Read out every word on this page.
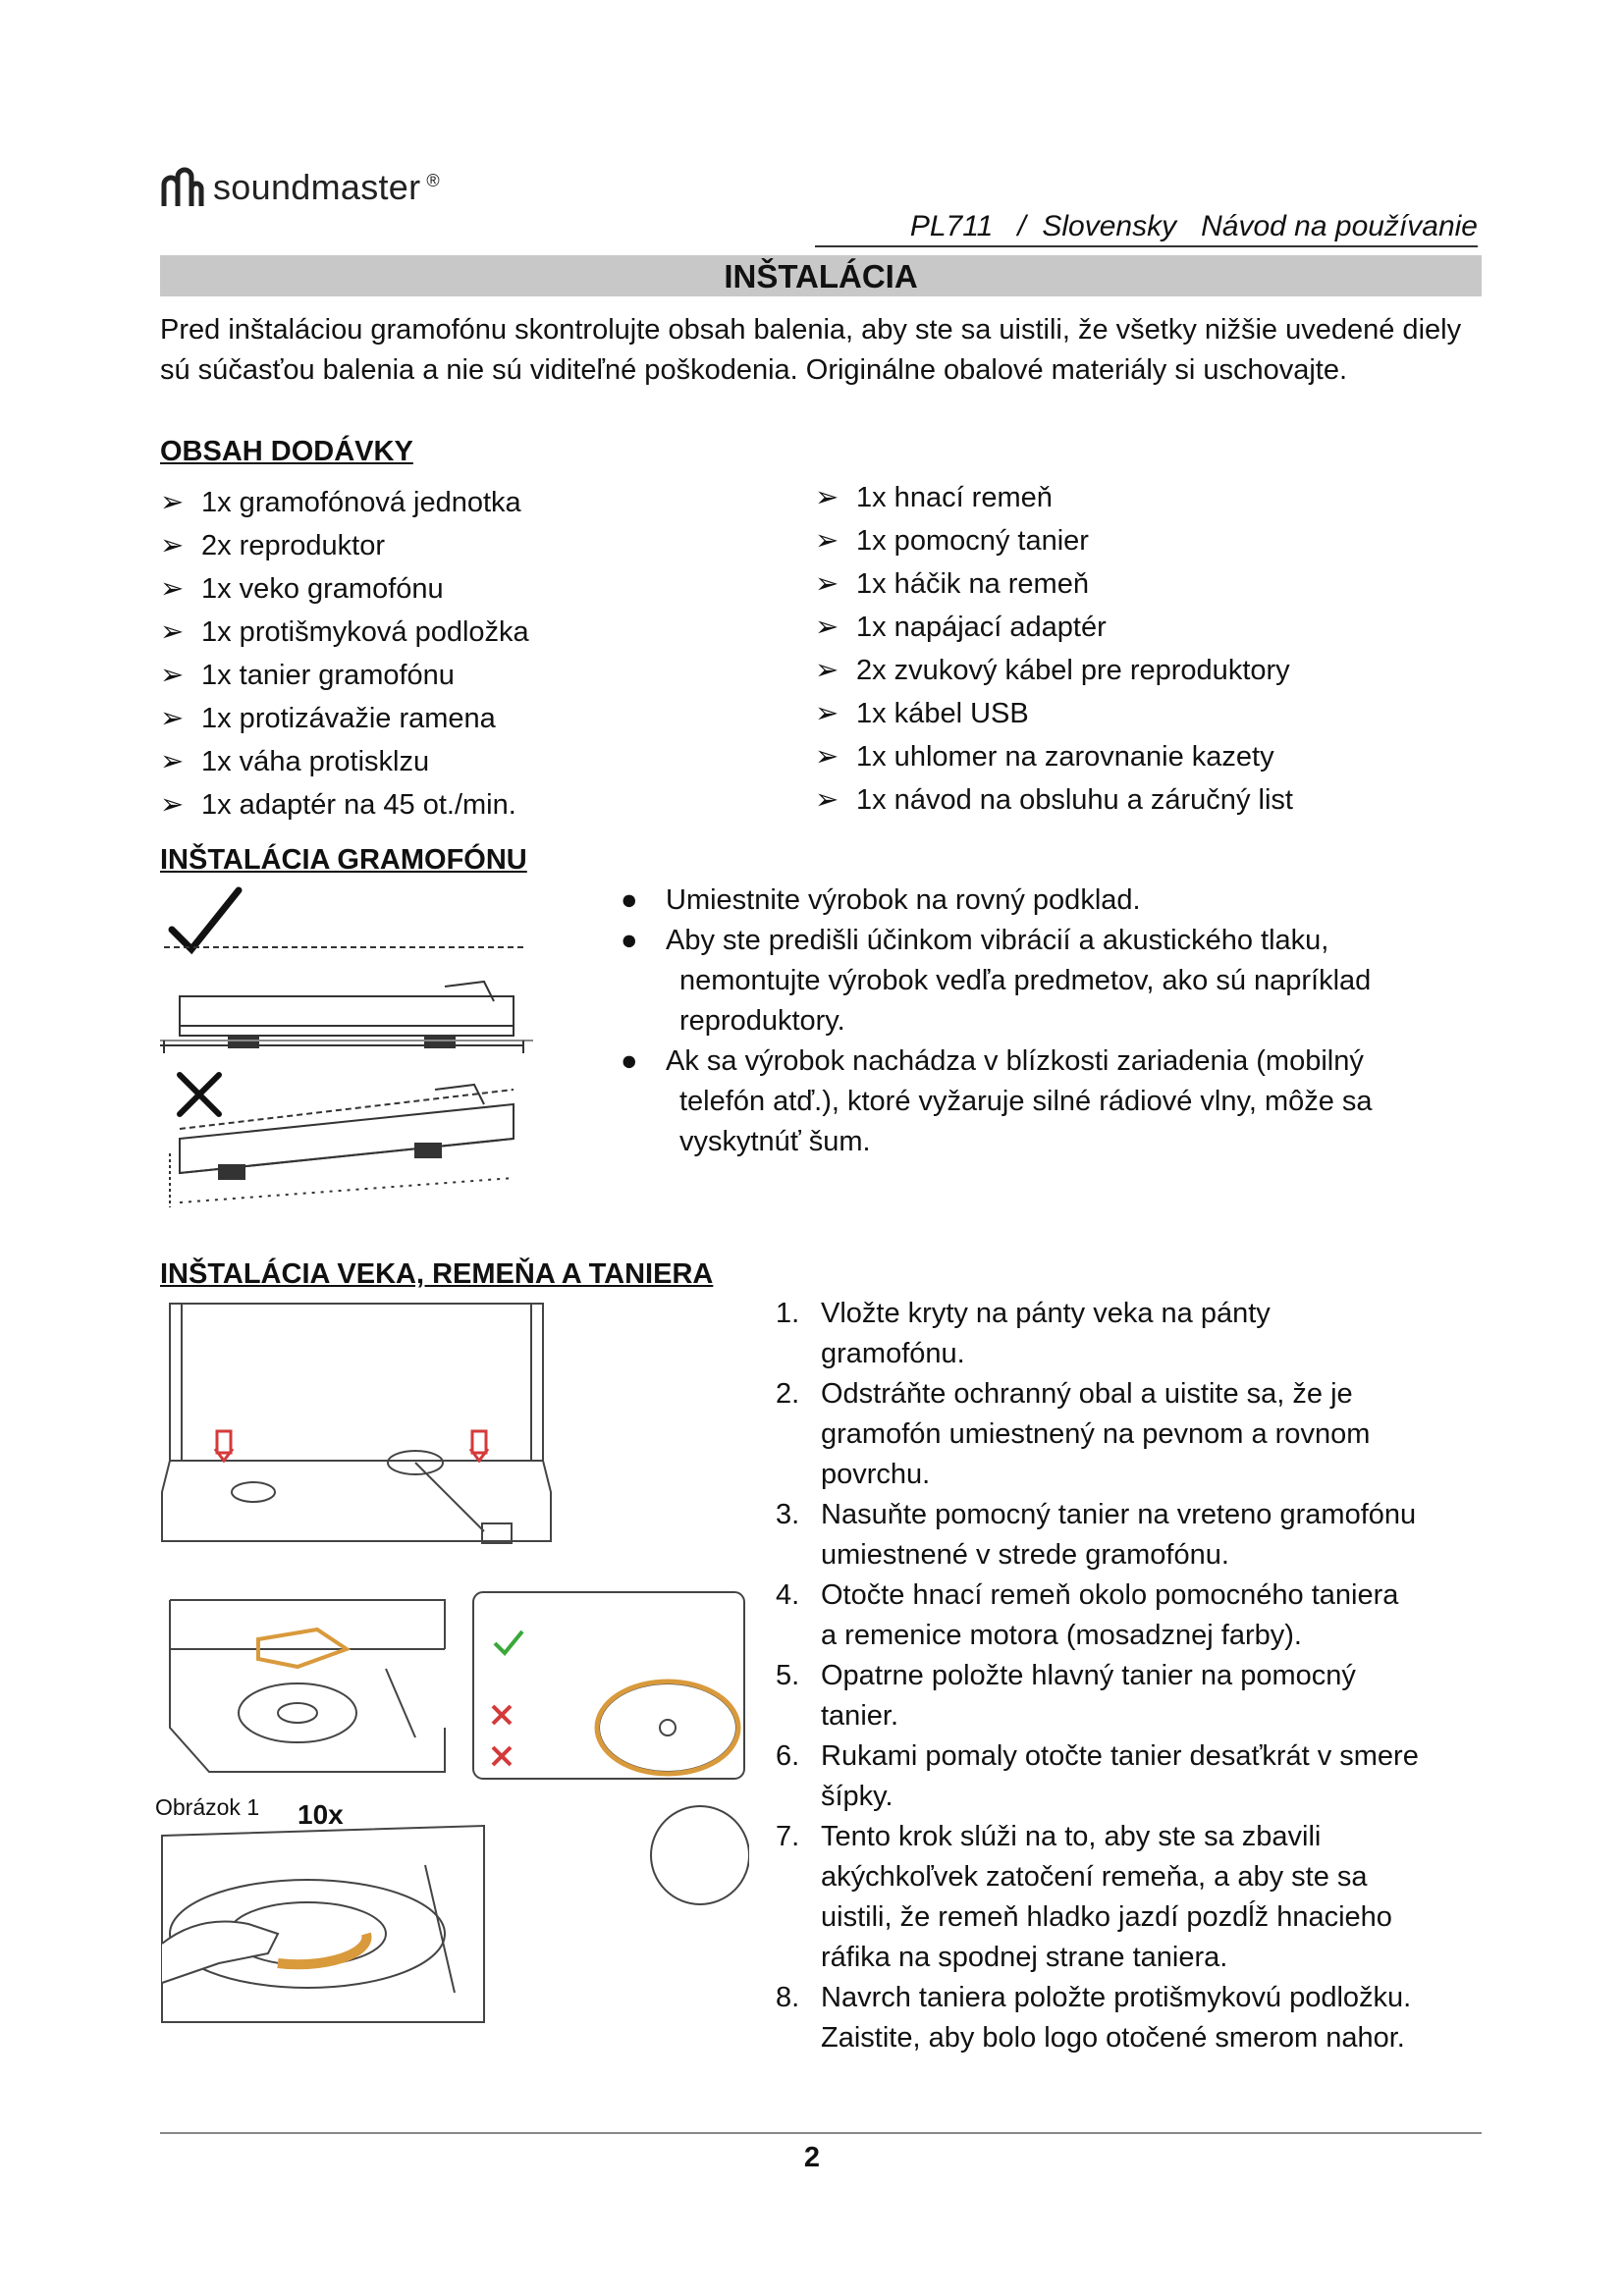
soundmaster ®
PL711 / Slovensky Návod na používanie
INŠTALÁCIA
Pred inštaláciou gramofónu skontrolujte obsah balenia, aby ste sa uistili, že všetky nižšie uvedené diely sú súčasťou balenia a nie sú viditeľné poškodenia. Originálne obalové materiály si uschovajte.
OBSAH DODÁVKY
➢ 1x gramofónová jednotka
➢ 2x reproduktor
➢ 1x veko gramofónu
➢ 1x protišmyková podložka
➢ 1x tanier gramofónu
➢ 1x protizávažie ramena
➢ 1x váha protisklzu
➢ 1x adaptér na 45 ot./min.
➢ 1x hnací remeň
➢ 1x pomocný tanier
➢ 1x háčik na remeň
➢ 1x napájací adaptér
➢ 2x zvukový kábel pre reproduktory
➢ 1x kábel USB
➢ 1x uhlomer na zarovnanie kazety
➢ 1x návod na obsluhu a záručný list
INŠTALÁCIA GRAMOFÓNU
● Umiestnite výrobok na rovný podklad.
● Aby ste predišli účinkom vibrácií a akustického tlaku,
nemontujte výrobok vedľa predmetov, ako sú napríklad
reproduktory.
● Ak sa výrobok nachádza v blízkosti zariadenia (mobilný
telefón atď.), ktoré vyžaruje silné rádiové vlny, môže sa
vyskytnúť šum.
INŠTALÁCIA VEKA, REMEŇA A TANIERA
Obrázok 1 10x
1. Vložte kryty na pánty veka na pánty
gramofónu.
2. Odstráňte ochranný obal a uistite sa, že je
gramofón umiestnený na pevnom a rovnom
povrchu.
3. Nasuňte pomocný tanier na vreteno gramofónu
umiestnené v strede gramofónu.
4. Otočte hnací remeň okolo pomocného taniera
a remenice motora (mosadznej farby).
5. Opatrne položte hlavný tanier na pomocný
tanier.
6. Rukami pomaly otočte tanier desaťkrát v smere
šípky.
7. Tento krok slúži na to, aby ste sa zbavili
akýchkoľvek zatočení remeňa, a aby ste sa
uistili, že remeň hladko jazdí pozdĺž hnacieho
ráfika na spodnej strane taniera.
8. Navrch taniera položte protišmykovú podložku.
Zaistite, aby bolo logo otočené smerom nahor.
2
